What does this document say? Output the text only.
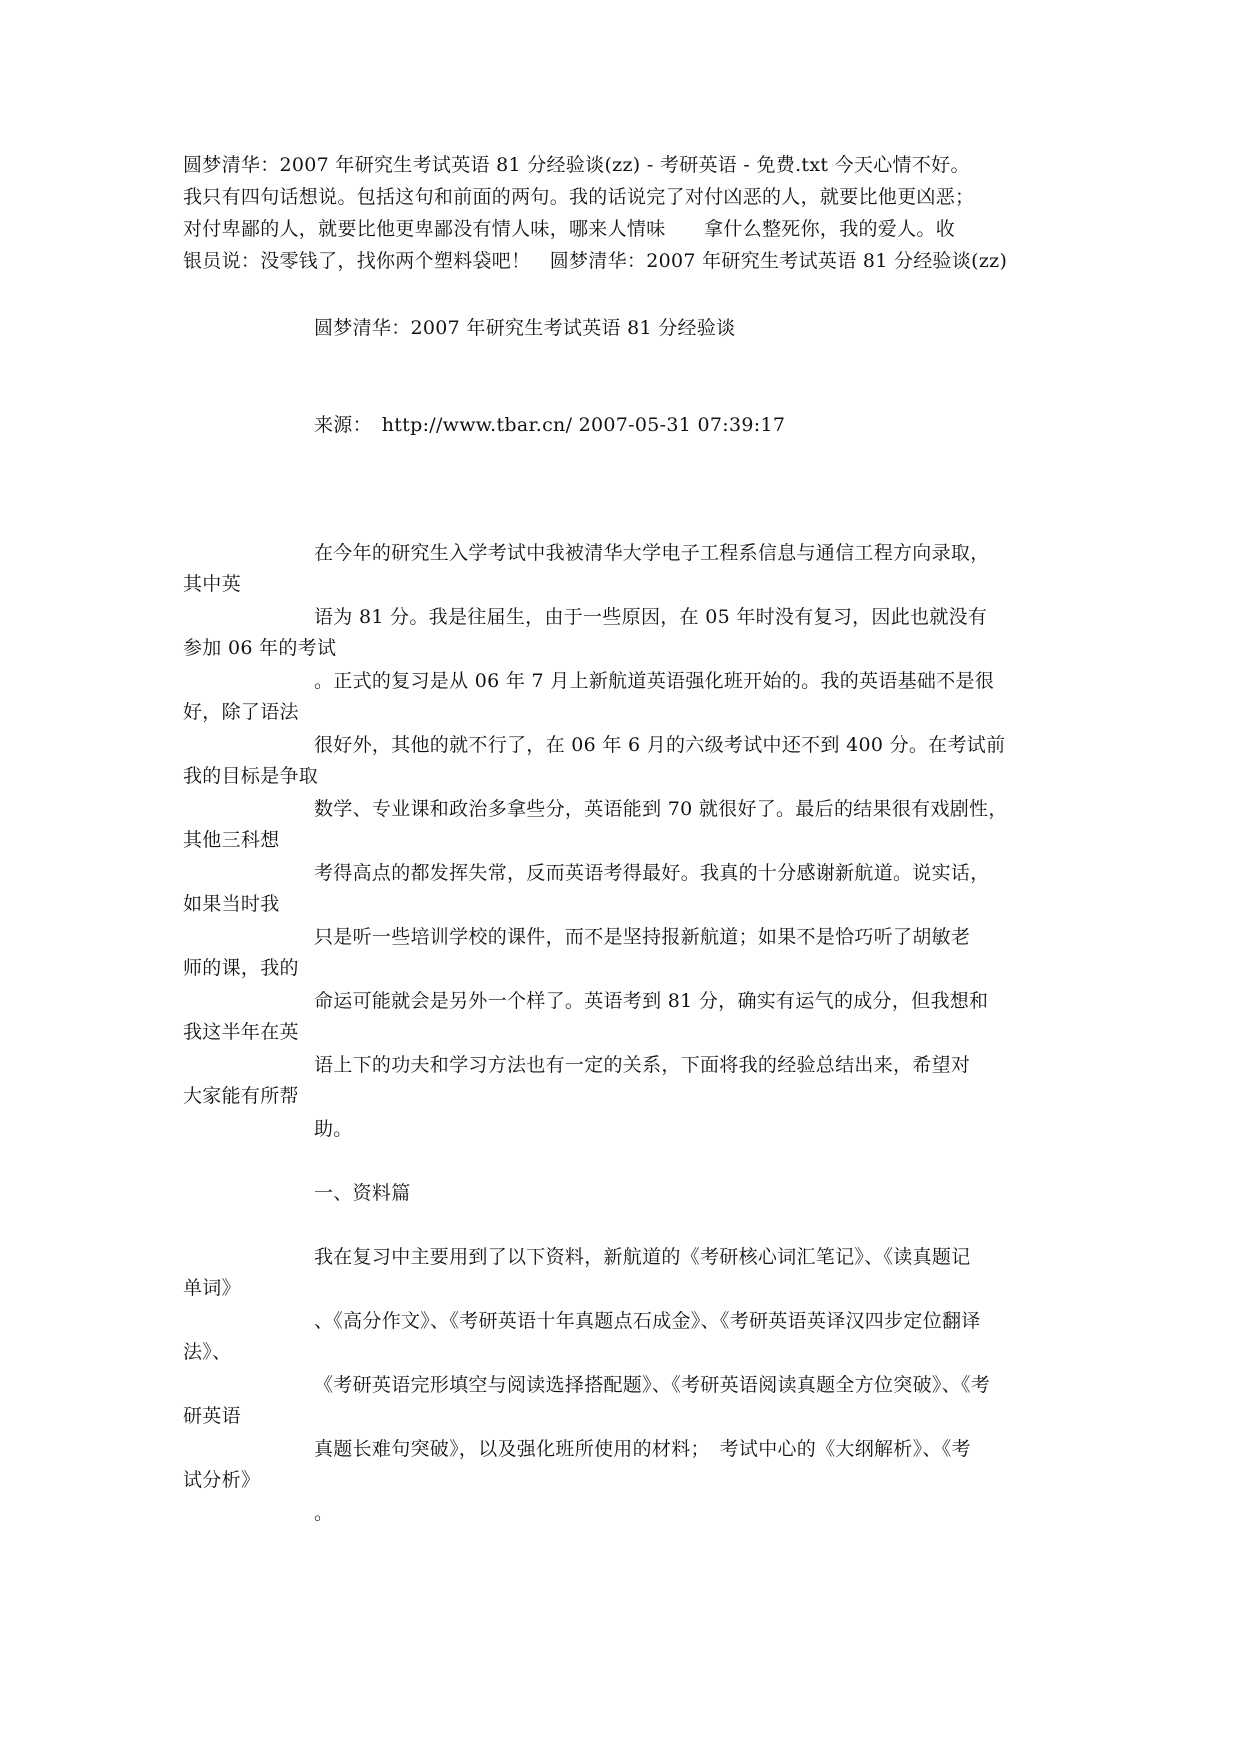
圆梦清华：2007 年研究生考试英语 81 分经验谈(zz) - 考研英语 - 免费.txt 今天心情不好。
我只有四句话想说。包括这句和前面的两句。我的话说完了对付凶恶的人，就要比他更凶恶；
对付卑鄙的人，就要比他更卑鄙没有情人味，哪来人情味　　拿什么整死你，我的爱人。收
银员说：没零钱了，找你两个塑料袋吧！　圆梦清华：2007 年研究生考试英语 81 分经验谈(zz)
圆梦清华：2007 年研究生考试英语 81 分经验谈
来源：　http://www.tbar.cn/ 2007-05-31 07:39:17
在今年的研究生入学考试中我被清华大学电子工程系信息与通信工程方向录取，
其中英
语为 81 分。我是往届生，由于一些原因，在 05 年时没有复习，因此也就没有
参加 06 年的考试
。正式的复习是从 06 年 7 月上新航道英语强化班开始的。我的英语基础不是很
好，除了语法
很好外，其他的就不行了，在 06 年 6 月的六级考试中还不到 400 分。在考试前
我的目标是争取
数学、专业课和政治多拿些分，英语能到 70 就很好了。最后的结果很有戏剧性，
其他三科想
考得高点的都发挥失常，反而英语考得最好。我真的十分感谢新航道。说实话，
如果当时我
只是听一些培训学校的课件，而不是坚持报新航道；如果不是恰巧听了胡敏老
师的课，我的
命运可能就会是另外一个样了。英语考到 81 分，确实有运气的成分，但我想和
我这半年在英
语上下的功夫和学习方法也有一定的关系，下面将我的经验总结出来，希望对
大家能有所帮
助。
一、资料篇
我在复习中主要用到了以下资料，新航道的《考研核心词汇笔记》、《读真题记
单词》
、《高分作文》、《考研英语十年真题点石成金》、《考研英语英译汉四步定位翻译
法》、
《考研英语完形填空与阅读选择搭配题》、《考研英语阅读真题全方位突破》、《考
研英语
真题长难句突破》，以及强化班所使用的材料；　考试中心的《大纲解析》、《考
试分析》
。
